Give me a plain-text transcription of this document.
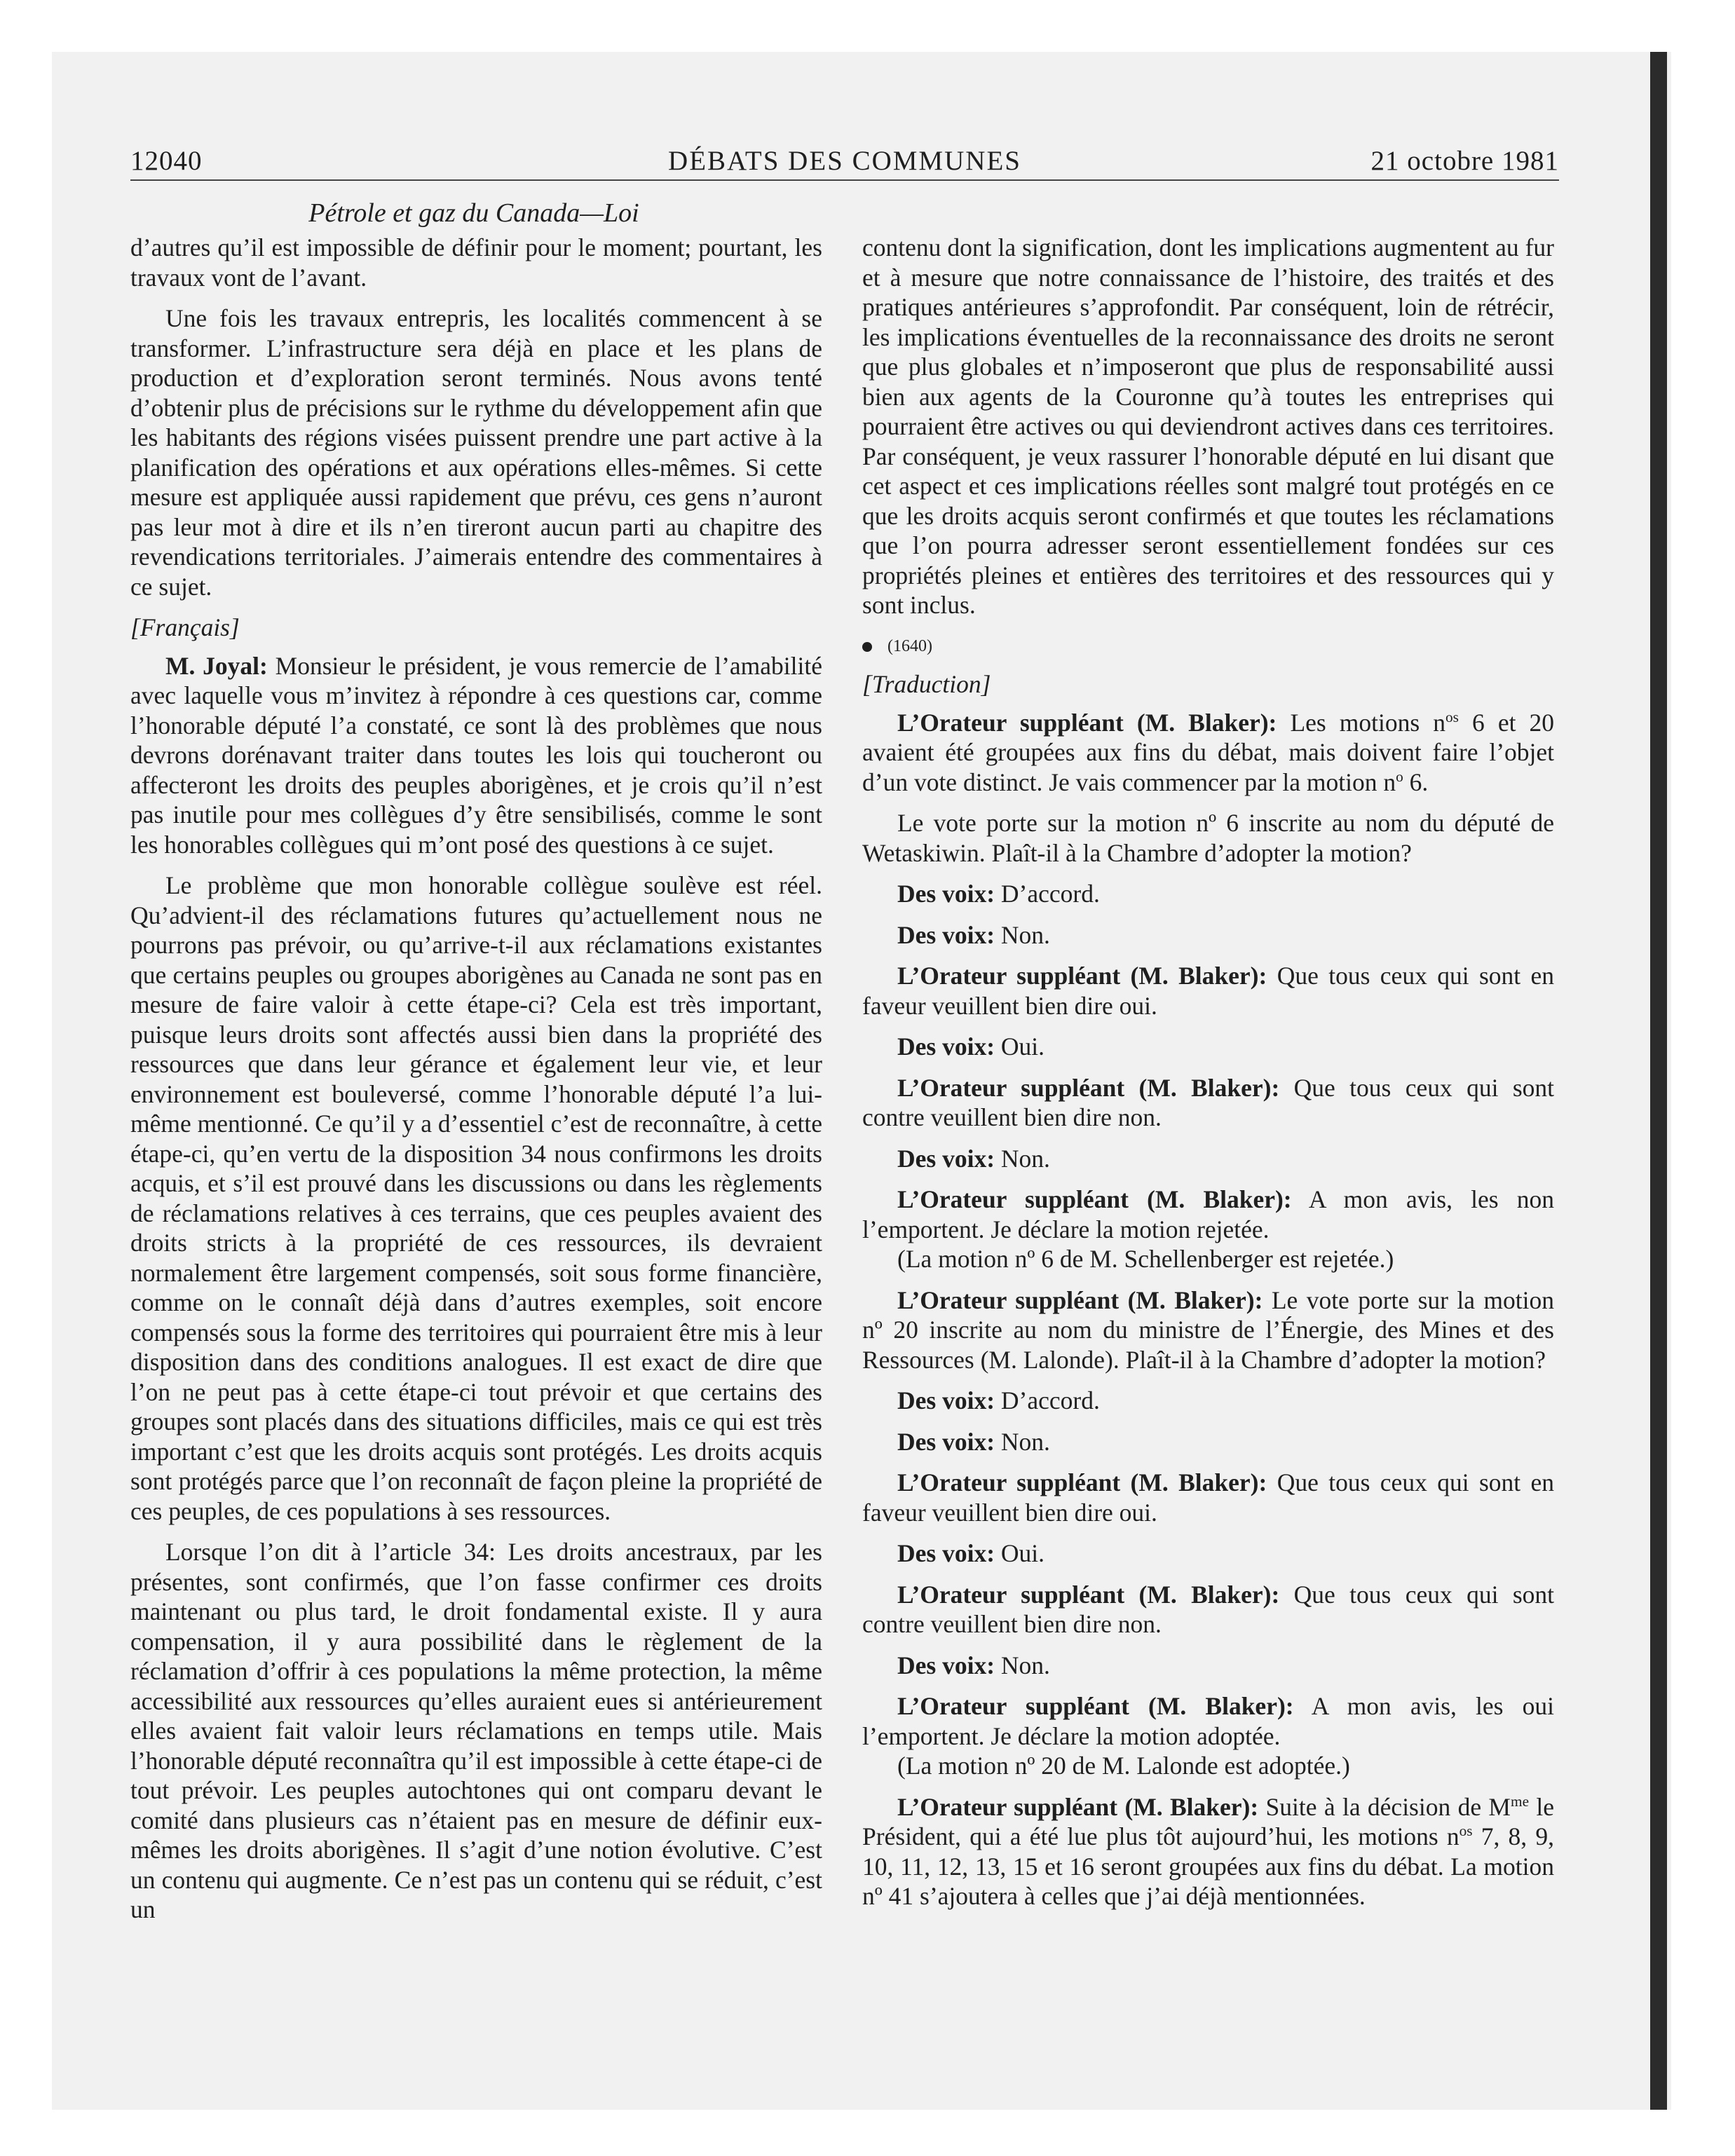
12040	DÉBATS DES COMMUNES	21 octobre 1981
Pétrole et gaz du Canada—Loi

d’autres qu’il est impossible de définir pour le moment; pourtant, les travaux vont de l’avant.

Une fois les travaux entrepris, les localités commencent à se transformer. L’infrastructure sera déjà en place et les plans de production et d’exploration seront terminés. Nous avons tenté d’obtenir plus de précisions sur le rythme du développement afin que les habitants des régions visées puissent prendre une part active à la planification des opérations et aux opérations elles-mêmes. Si cette mesure est appliquée aussi rapidement que prévu, ces gens n’auront pas leur mot à dire et ils n’en tireront aucun parti au chapitre des revendications territoriales. J’aimerais entendre des commentaires à ce sujet.

[Français]

M. Joyal: Monsieur le président, je vous remercie de l’amabilité avec laquelle vous m’invitez à répondre à ces questions car, comme l’honorable député l’a constaté, ce sont là des problèmes que nous devrons dorénavant traiter dans toutes les lois qui toucheront ou affecteront les droits des peuples aborigènes, et je crois qu’il n’est pas inutile pour mes collègues d’y être sensibilisés, comme le sont les honorables collègues qui m’ont posé des questions à ce sujet.

Le problème que mon honorable collègue soulève est réel. Qu’advient-il des réclamations futures qu’actuellement nous ne pourrons pas prévoir, ou qu’arrive-t-il aux réclamations existantes que certains peuples ou groupes aborigènes au Canada ne sont pas en mesure de faire valoir à cette étape-ci? Cela est très important, puisque leurs droits sont affectés aussi bien dans la propriété des ressources que dans leur gérance et également leur vie, et leur environnement est bouleversé, comme l’honorable député l’a lui-même mentionné. Ce qu’il y a d’essentiel c’est de reconnaître, à cette étape-ci, qu’en vertu de la disposition 34 nous confirmons les droits acquis, et s’il est prouvé dans les discussions ou dans les règlements de réclamations relatives à ces terrains, que ces peuples avaient des droits stricts à la propriété de ces ressources, ils devraient normalement être largement compensés, soit sous forme financière, comme on le connaît déjà dans d’autres exemples, soit encore compensés sous la forme des territoires qui pourraient être mis à leur disposition dans des conditions analogues. Il est exact de dire que l’on ne peut pas à cette étape-ci tout prévoir et que certains des groupes sont placés dans des situations difficiles, mais ce qui est très important c’est que les droits acquis sont protégés. Les droits acquis sont protégés parce que l’on reconnaît de façon pleine la propriété de ces peuples, de ces populations à ses ressources.

Lorsque l’on dit à l’article 34: Les droits ancestraux, par les présentes, sont confirmés, que l’on fasse confirmer ces droits maintenant ou plus tard, le droit fondamental existe. Il y aura compensation, il y aura possibilité dans le règlement de la réclamation d’offrir à ces populations la même protection, la même accessibilité aux ressources qu’elles auraient eues si antérieurement elles avaient fait valoir leurs réclamations en temps utile. Mais l’honorable député reconnaîtra qu’il est impossible à cette étape-ci de tout prévoir. Les peuples autochtones qui ont comparu devant le comité dans plusieurs cas n’étaient pas en mesure de définir eux-mêmes les droits aborigènes. Il s’agit d’une notion évolutive. C’est un contenu qui augmente. Ce n’est pas un contenu qui se réduit, c’est un

contenu dont la signification, dont les implications augmentent au fur et à mesure que notre connaissance de l’histoire, des traités et des pratiques antérieures s’approfondit. Par conséquent, loin de rétrécir, les implications éventuelles de la reconnaissance des droits ne seront que plus globales et n’imposeront que plus de responsabilité aussi bien aux agents de la Couronne qu’à toutes les entreprises qui pourraient être actives ou qui deviendront actives dans ces territoires. Par conséquent, je veux rassurer l’honorable député en lui disant que cet aspect et ces implications réelles sont malgré tout protégés en ce que les droits acquis seront confirmés et que toutes les réclamations que l’on pourra adresser seront essentiellement fondées sur ces propriétés pleines et entières des territoires et des ressources qui y sont inclus.

(1640)

[Traduction]

L’Orateur suppléant (M. Blaker): Les motions $n^{os}$ 6 et 20 avaient été groupées aux fins du débat, mais doivent faire l’objet d’un vote distinct. Je vais commencer par la motion $n^o$ 6.

Le vote porte sur la motion nº 6 inscrite au nom du député de Wetaskiwin. Plaît-il à la Chambre d’adopter la motion?

Des voix: D’accord.

Des voix: Non.

L’Orateur suppléant (M. Blaker): Que tous ceux qui sont en faveur veuillent bien dire oui.

Des voix: Oui.

L’Orateur suppléant (M. Blaker): Que tous ceux qui sont contre veuillent bien dire non.

Des voix: Non.

L’Orateur suppléant (M. Blaker): A mon avis, les non l’emportent. Je déclare la motion rejetée.

(La motion nº 6 de M. Schellenberger est rejetée.)

L’Orateur suppléant (M. Blaker): Le vote porte sur la motion nº 20 inscrite au nom du ministre de l’Énergie, des Mines et des Ressources (M. Lalonde). Plaît-il à la Chambre d’adopter la motion?

Des voix: D’accord.

Des voix: Non.

L’Orateur suppléant (M. Blaker): Que tous ceux qui sont en faveur veuillent bien dire oui.

Des voix: Oui.

L’Orateur suppléant (M. Blaker): Que tous ceux qui sont contre veuillent bien dire non.

Des voix: Non.

L’Orateur suppléant (M. Blaker): A mon avis, les oui l’emportent. Je déclare la motion adoptée.

(La motion nº 20 de M. Lalonde est adoptée.)

L’Orateur suppléant (M. Blaker): Suite à la décision de $M^{me}$ le Président, qui a été lue plus tôt aujourd’hui, les motions $n^{os}$ 7, 8, 9, 10, 11, 12, 13, 15 et 16 seront groupées aux fins du débat. La motion nº 41 s’ajoutera à celles que j’ai déjà mentionnées.
